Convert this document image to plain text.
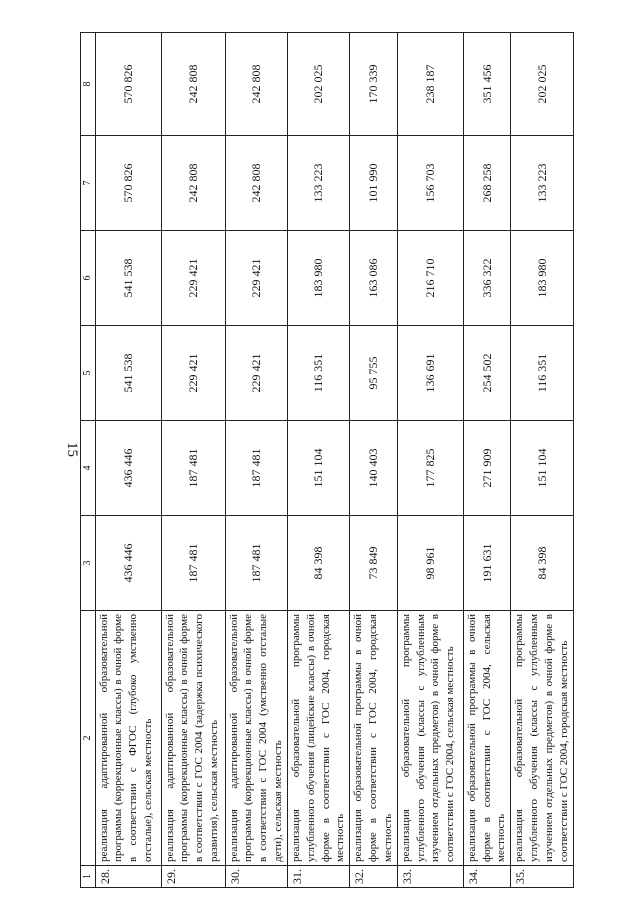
15
1	2	3	4	5	6	7	8
28.	реализация адаптированной образовательной программы (коррекционные классы) в очной форме в соответствии с ФГОС (глубоко умственно отсталые), сельская местность	436 446	436 446	541 538	541 538	570 826	570 826
29.	реализация адаптированной образовательной программы (коррекционные классы) в очной форме в соответствии с ГОС 2004 (задержка психического развития), сельская местность	187 481	187 481	229 421	229 421	242 808	242 808
30.	реализация адаптированной образовательной программы (коррекционные классы) в очной форме в соответствии с ГОС 2004 (умственно отсталые дети), сельская местность	187 481	187 481	229 421	229 421	242 808	242 808
31.	реализация образовательной программы углубленного обучения (лицейские классы) в очной форме в соответствии с ГОС 2004, городская местность	84 398	151 104	116 351	183 980	133 223	202 025
32.	реализация образовательной программы в очной форме в соответствии с ГОС 2004, городская местность	73 849	140 403	95 755	163 086	101 990	170 339
33.	реализация образовательной программы углубленного обучения (классы с углубленным изучением отдельных предметов) в очной форме в соответствии с ГОС 2004, сельская местность	98 961	177 825	136 691	216 710	156 703	238 187
34.	реализация образовательной программы в очной форме в соответствии с ГОС 2004, сельская местность	191 631	271 909	254 502	336 322	268 258	351 456
35.	реализация образовательной программы углубленного обучения (классы с углубленным изучением отдельных предметов) в очной форме в соответствии с ГОС 2004, городская местность	84 398	151 104	116 351	183 980	133 223	202 025
